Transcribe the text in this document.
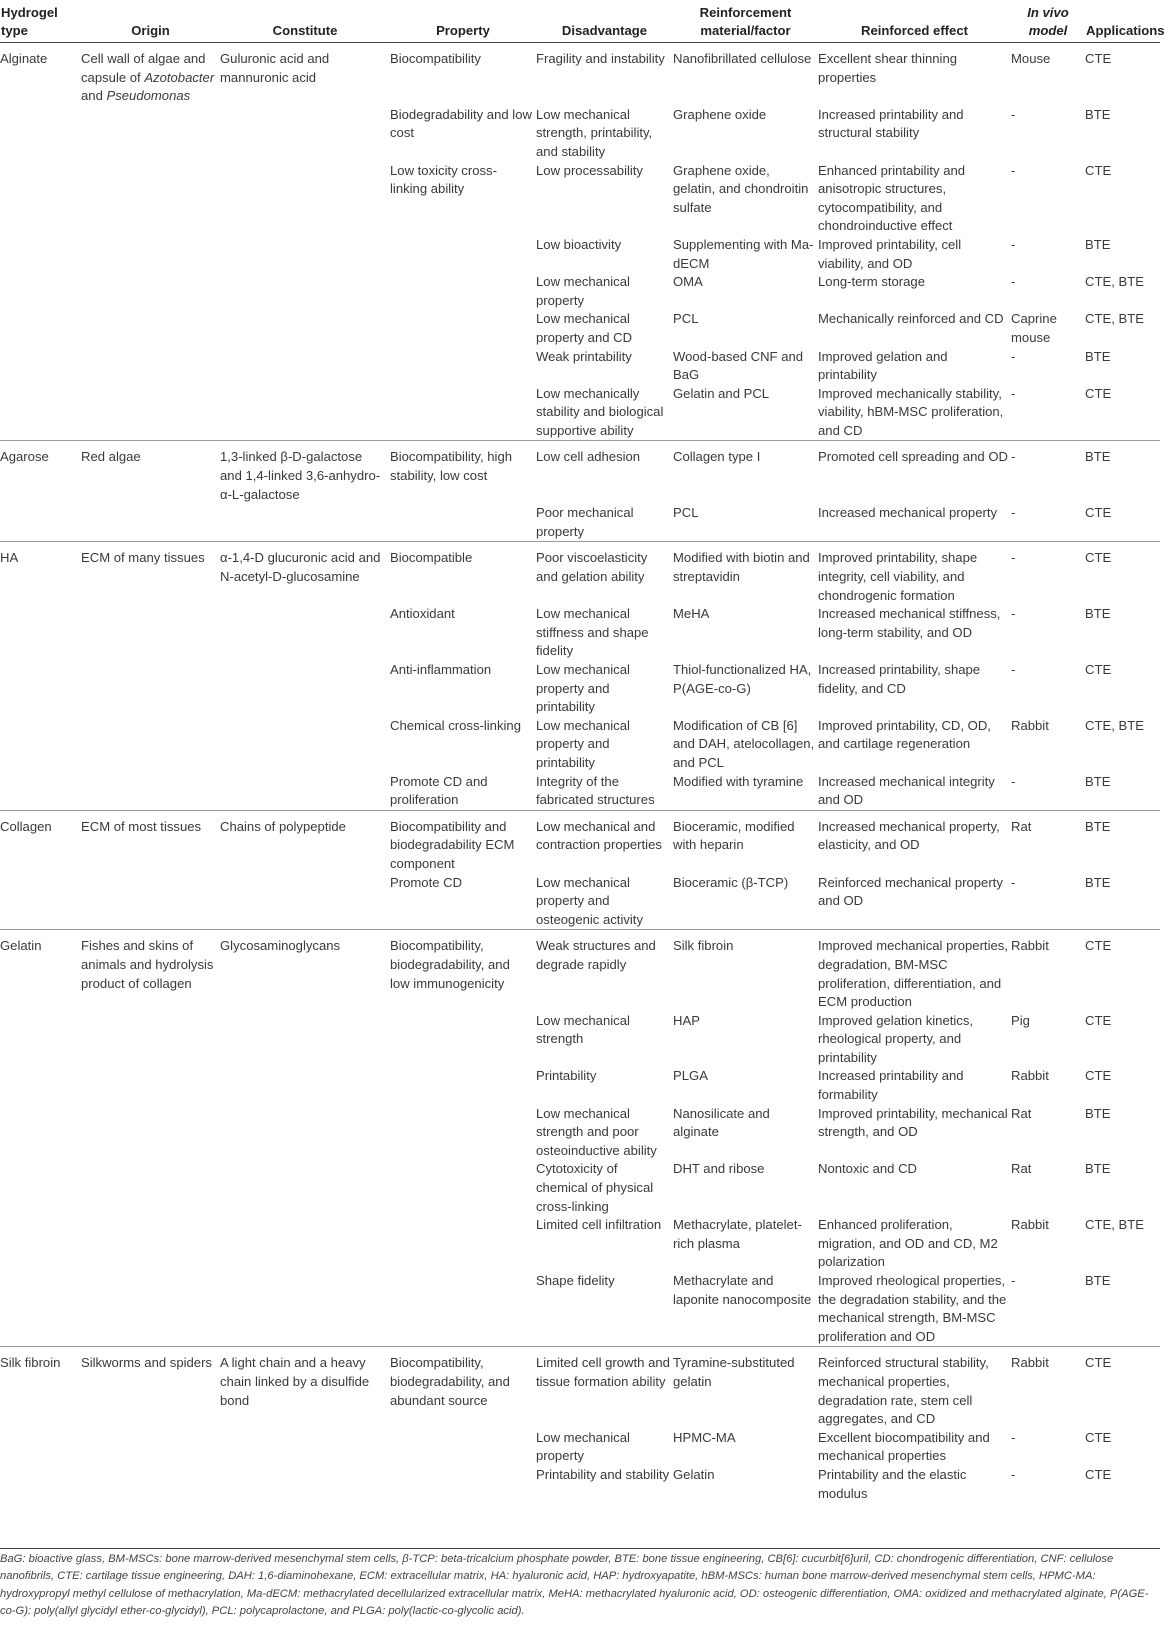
Hydrogel type	Origin	Constitute	Property	Disadvantage	Reinforcement material/factor	Reinforced effect	In vivo model	Applications
Alginate	Cell wall of algae and capsule of Azotobacter and Pseudomonas	Guluronic acid and mannuronic acid	Biocompatibility	Fragility and instability	Nanofibrillated cellulose	Excellent shear thinning properties	Mouse	CTE
			Biodegradability and low cost	Low mechanical strength, printability, and stability	Graphene oxide	Increased printability and structural stability	-	BTE
			Low toxicity cross-linking ability	Low processability	Graphene oxide, gelatin, and chondroitin sulfate	Enhanced printability and anisotropic structures, cytocompatibility, and chondroinductive effect	-	CTE
				Low bioactivity	Supplementing with Ma-dECM	Improved printability, cell viability, and OD	-	BTE
				Low mechanical property	OMA	Long-term storage	-	CTE, BTE
				Low mechanical property and CD	PCL	Mechanically reinforced and CD	Caprine mouse	CTE, BTE
				Weak printability	Wood-based CNF and BaG	Improved gelation and printability	-	BTE
				Low mechanically stability and biological supportive ability	Gelatin and PCL	Improved mechanically stability, viability, hBM-MSC proliferation, and CD	-	CTE
Agarose	Red algae	1,3-linked β-D-galactose and 1,4-linked 3,6-anhydro-α-L-galactose	Biocompatibility, high stability, low cost	Low cell adhesion	Collagen type I	Promoted cell spreading and OD	-	BTE
				Poor mechanical property	PCL	Increased mechanical property	-	CTE
HA	ECM of many tissues	α-1,4-D glucuronic acid and N-acetyl-D-glucosamine	Biocompatible	Poor viscoelasticity and gelation ability	Modified with biotin and streptavidin	Improved printability, shape integrity, cell viability, and chondrogenic formation	-	CTE
			Antioxidant	Low mechanical stiffness and shape fidelity	MeHA	Increased mechanical stiffness, long-term stability, and OD	-	BTE
			Anti-inflammation	Low mechanical property and printability	Thiol-functionalized HA, P(AGE-co-G)	Increased printability, shape fidelity, and CD	-	CTE
			Chemical cross-linking	Low mechanical property and printability	Modification of CB [6] and DAH, atelocollagen, and PCL	Improved printability, CD, OD, and cartilage regeneration	Rabbit	CTE, BTE
			Promote CD and proliferation	Integrity of the fabricated structures	Modified with tyramine	Increased mechanical integrity and OD	-	BTE
Collagen	ECM of most tissues	Chains of polypeptide	Biocompatibility and biodegradability ECM component	Low mechanical and contraction properties	Bioceramic, modified with heparin	Increased mechanical property, elasticity, and OD	Rat	BTE
			Promote CD	Low mechanical property and osteogenic activity	Bioceramic (β-TCP)	Reinforced mechanical property and OD	-	BTE
Gelatin	Fishes and skins of animals and hydrolysis product of collagen	Glycosaminoglycans	Biocompatibility, biodegradability, and low immunogenicity	Weak structures and degrade rapidly	Silk fibroin	Improved mechanical properties, degradation, BM-MSC proliferation, differentiation, and ECM production	Rabbit	CTE
				Low mechanical strength	HAP	Improved gelation kinetics, rheological property, and printability	Pig	CTE
				Printability	PLGA	Increased printability and formability	Rabbit	CTE
				Low mechanical strength and poor osteoinductive ability	Nanosilicate and alginate	Improved printability, mechanical strength, and OD	Rat	BTE
				Cytotoxicity of chemical of physical cross-linking	DHT and ribose	Nontoxic and CD	Rat	BTE
				Limited cell infiltration	Methacrylate, platelet-rich plasma	Enhanced proliferation, migration, and OD and CD, M2 polarization	Rabbit	CTE, BTE
				Shape fidelity	Methacrylate and laponite nanocomposite	Improved rheological properties, the degradation stability, and the mechanical strength, BM-MSC proliferation and OD	-	BTE
Silk fibroin	Silkworms and spiders	A light chain and a heavy chain linked by a disulfide bond	Biocompatibility, biodegradability, and abundant source	Limited cell growth and tissue formation ability	Tyramine-substituted gelatin	Reinforced structural stability, mechanical properties, degradation rate, stem cell aggregates, and CD	Rabbit	CTE
				Low mechanical property	HPMC-MA	Excellent biocompatibility and mechanical properties	-	CTE
				Printability and stability	Gelatin	Printability and the elastic modulus	-	CTE
BaG: bioactive glass, BM-MSCs: bone marrow-derived mesenchymal stem cells, β-TCP: beta-tricalcium phosphate powder, BTE: bone tissue engineering, CB[6]: cucurbit[6]uril, CD: chondrogenic differentiation, CNF: cellulose nanofibrils, CTE: cartilage tissue engineering, DAH: 1,6-diaminohexane, ECM: extracellular matrix, HA: hyaluronic acid, HAP: hydroxyapatite, hBM-MSCs: human bone marrow-derived mesenchymal stem cells, HPMC-MA: hydroxypropyl methyl cellulose of methacrylation, Ma-dECM: methacrylated decellularized extracellular matrix, MeHA: methacrylated hyaluronic acid, OD: osteogenic differentiation, OMA: oxidized and methacrylated alginate, P(AGE-co-G): poly(allyl glycidyl ether-co-glycidyl), PCL: polycaprolactone, and PLGA: poly(lactic-co-glycolic acid).
